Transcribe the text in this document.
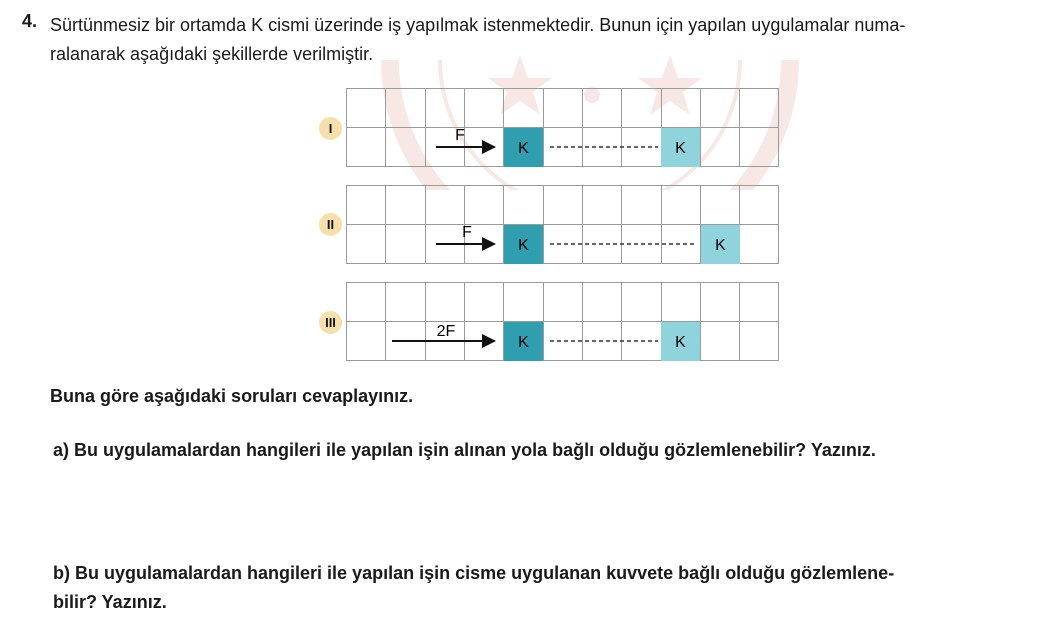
4. Sürtünmesiz bir ortamda K cismi üzerinde iş yapılmak istenmektedir. Bunun için yapılan uygulamalar numa-
ralanarak aşağıdaki şekillerde verilmiştir.
I	F
K	K
II	F
K	K
III
2F
K	K
Buna göre aşağıdaki soruları cevaplayınız.
a) Bu uygulamalardan hangileri ile yapılan işin alınan yola bağlı olduğu gözlemlenebilir? Yazınız.
b) Bu uygulamalardan hangileri ile yapılan işin cisme uygulanan kuvvete bağlı olduğu gözlemlene-
bilir? Yazınız.
